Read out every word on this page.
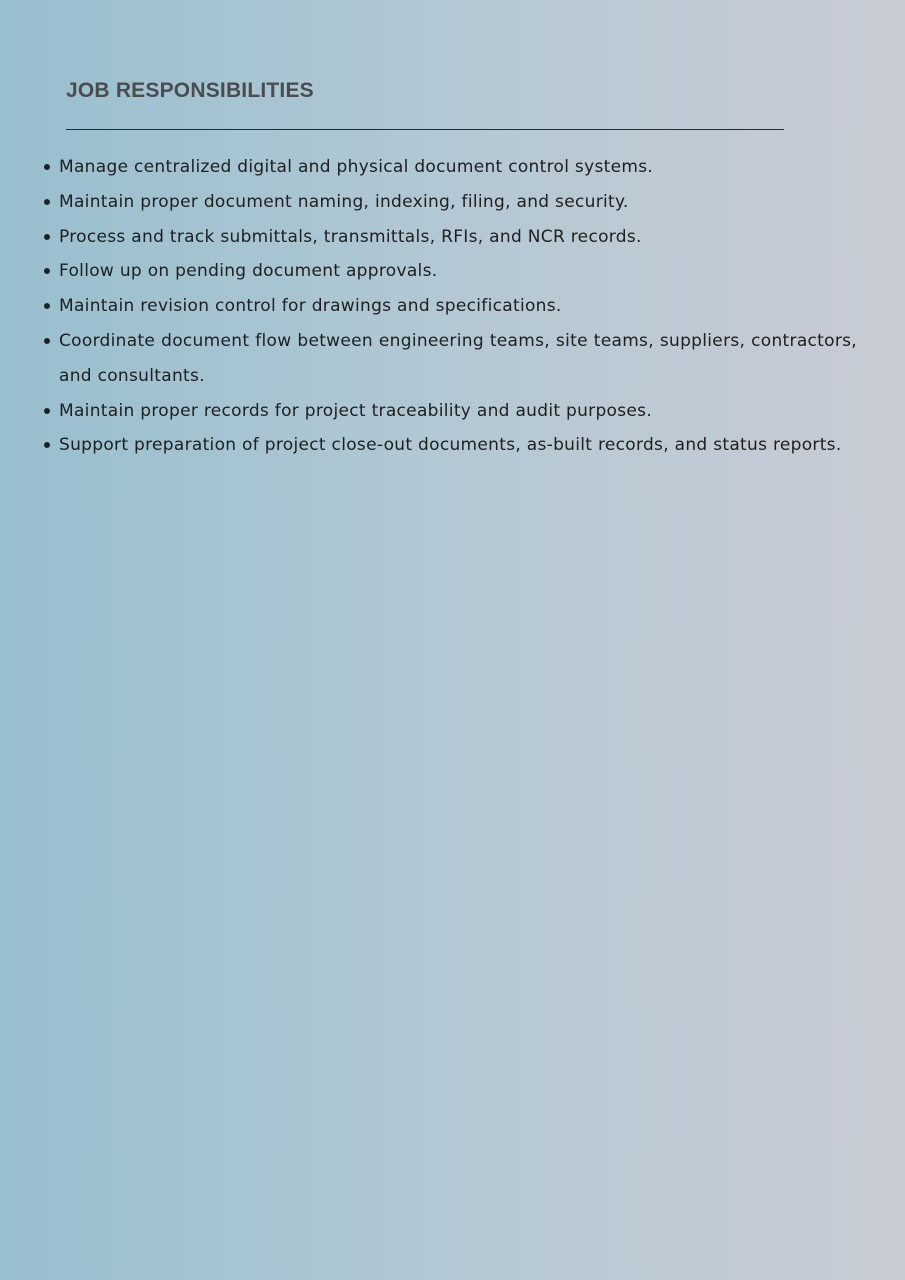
JOB RESPONSIBILITIES
Manage centralized digital and physical document control systems.
Maintain proper document naming, indexing, filing, and security.
Process and track submittals, transmittals, RFIs, and NCR records.
Follow up on pending document approvals.
Maintain revision control for drawings and specifications.
Coordinate document flow between engineering teams, site teams, suppliers, contractors, and consultants.
Maintain proper records for project traceability and audit purposes.
Support preparation of project close-out documents, as-built records, and status reports.
